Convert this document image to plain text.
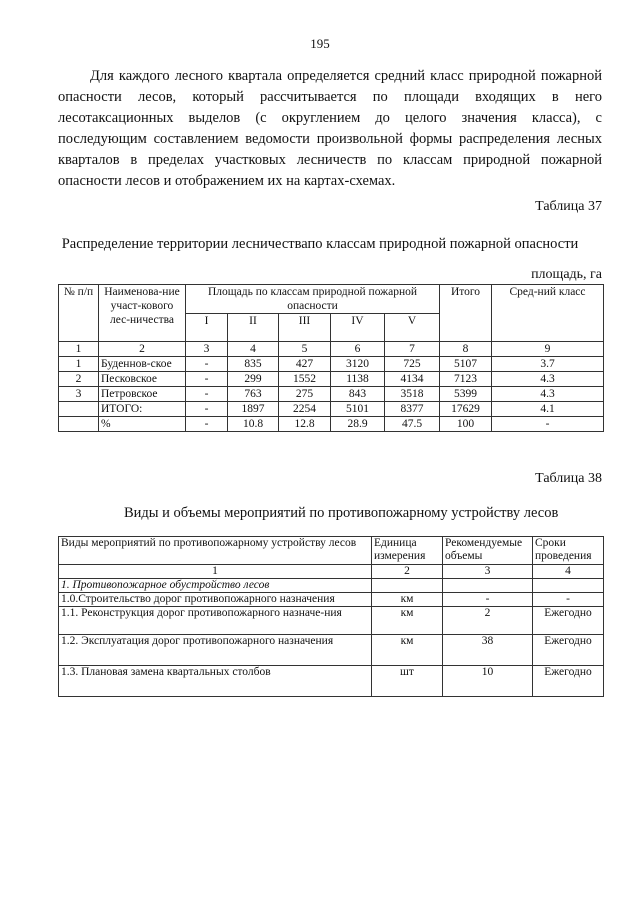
195

Для каждого лесного квартала определяется средний класс природной пожарной опасности лесов, который рассчитывается по площади входящих в него лесотаксационных выделов (с округлением до целого значения класса), с последующим составлением ведомости произвольной формы распределения лесных кварталов в пределах участковых лесничеств по классам природной пожарной опасности лесов и отображением их на картах-схемах.

Таблица 37
Распределение территории лесничествапо классам природной пожарной опасности
площадь, га
№ п/п	Наименова-ние участ-кового лес-ничества	Площадь по классам природной пожарной опасности					Итого	Сред-ний класс
		I	II	III	IV	V		
1	2	3	4	5	6	7	8	9
1	Буденнов-ское	-	835	427	3120	725	5107	3.7
2	Песковское	-	299	1552	1138	4134	7123	4.3
3	Петровское	-	763	275	843	3518	5399	4.3
	ИТОГО:	-	1897	2254	5101	8377	17629	4.1
	%	-	10.8	12.8	28.9	47.5	100	-
Таблица 38
Виды и объемы мероприятий по противопожарному устройству лесов
Виды мероприятий по противопожарному устройству лесов	Единица измерения	Рекомендуемые объемы	Сроки проведения
1	2	3	4
1. Противопожарное обустройство лесов			
1.0.Строительство дорог противопожарного назначения	км	-	-
1.1. Реконструкция дорог противопожарного назначе-ния	км	2	Ежегодно
1.2. Эксплуатация дорог противопожарного назначения	км	38	Ежегодно
1.3. Плановая замена квартальных столбов	шт	10	Ежегодно
